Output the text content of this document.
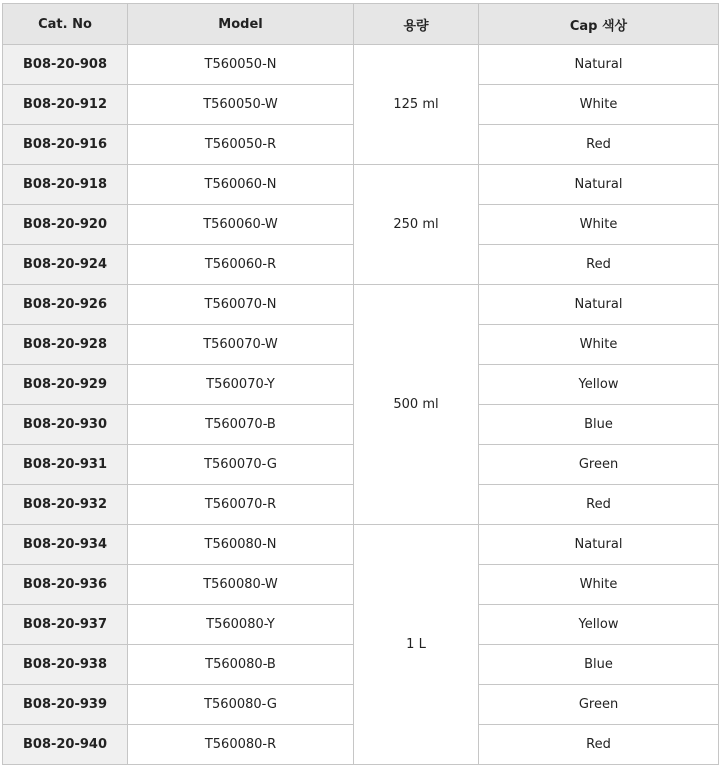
Cat. No	Model	용량	Cap 색상
B08-20-908	T560050-N	125 ml	Natural
B08-20-912	T560050-W		White
B08-20-916	T560050-R		Red
B08-20-918	T560060-N	250 ml	Natural
B08-20-920	T560060-W		White
B08-20-924	T560060-R		Red
B08-20-926	T560070-N	500 ml	Natural
B08-20-928	T560070-W		White
B08-20-929	T560070-Y		Yellow
B08-20-930	T560070-B		Blue
B08-20-931	T560070-G		Green
B08-20-932	T560070-R		Red
B08-20-934	T560080-N	1 L	Natural
B08-20-936	T560080-W		White
B08-20-937	T560080-Y		Yellow
B08-20-938	T560080-B		Blue
B08-20-939	T560080-G		Green
B08-20-940	T560080-R		Red
